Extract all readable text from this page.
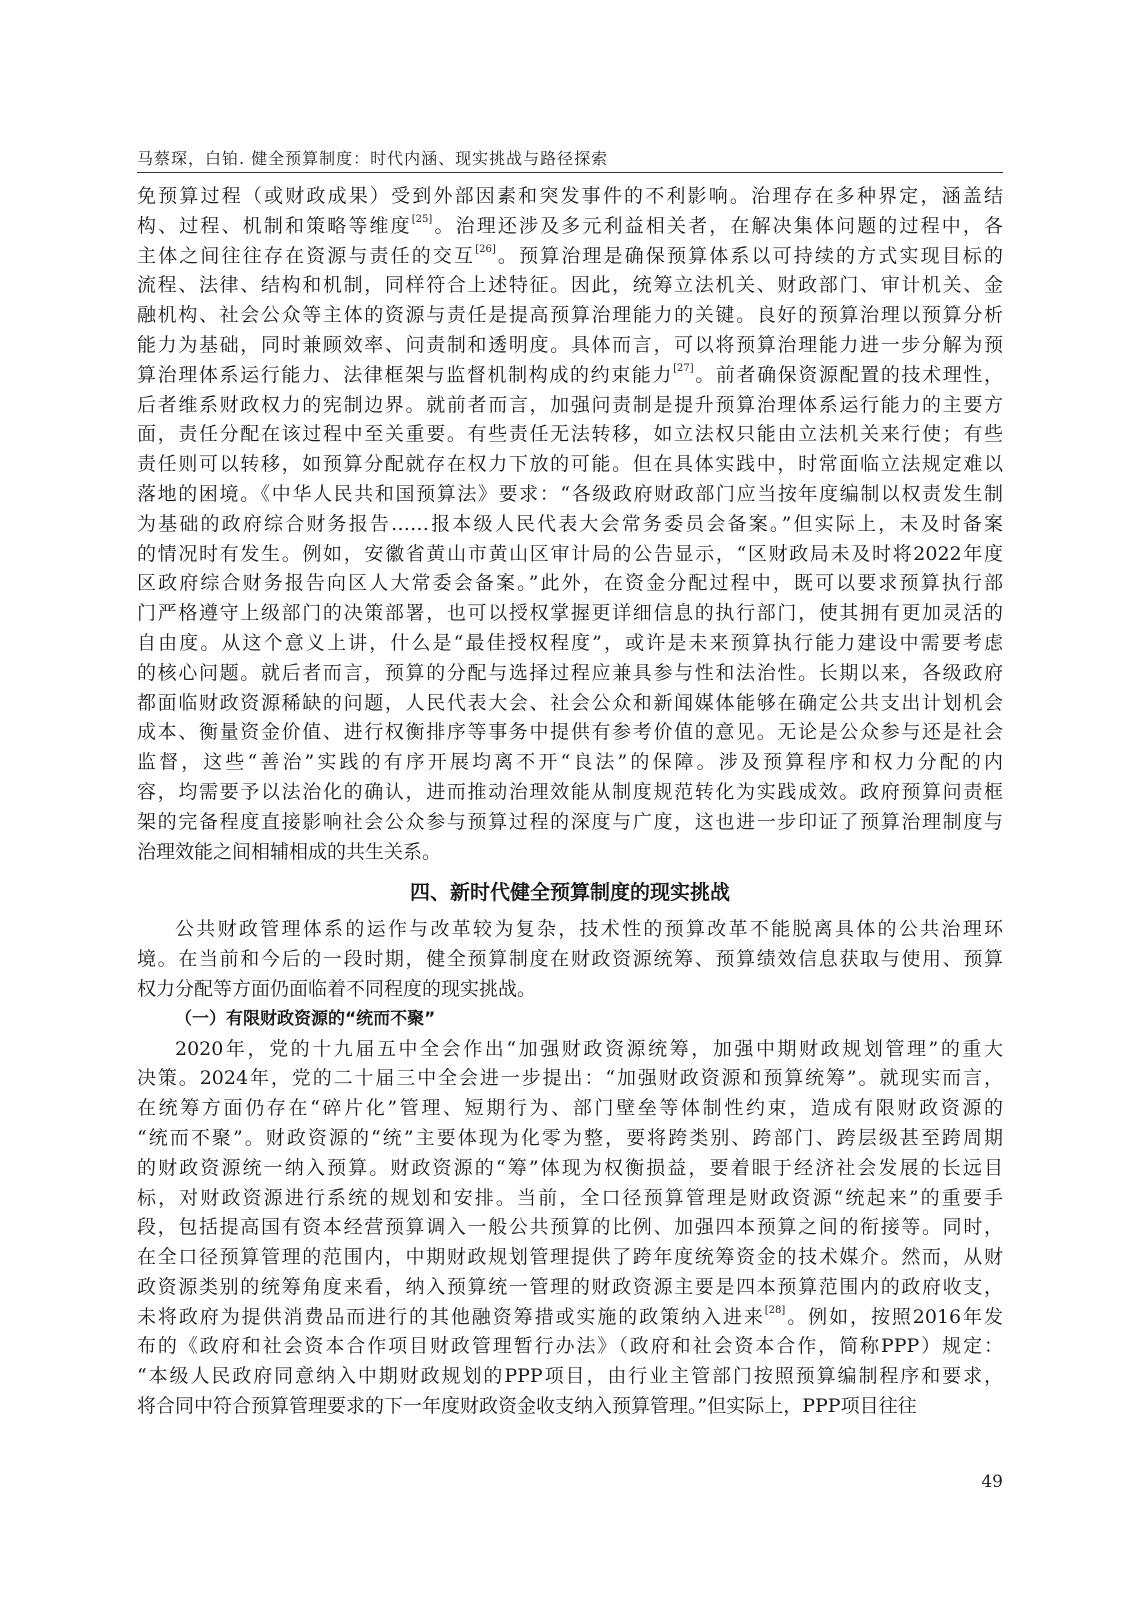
马蔡琛，白铂. 健全预算制度：时代内涵、现实挑战与路径探索
免预算过程（或财政成果）受到外部因素和突发事件的不利影响。治理存在多种界定，涵盖结
构、过程、机制和策略等维度[25]。治理还涉及多元利益相关者，在解决集体问题的过程中，各
主体之间往往存在资源与责任的交互[26]。预算治理是确保预算体系以可持续的方式实现目标的
流程、法律、结构和机制，同样符合上述特征。因此，统筹立法机关、财政部门、审计机关、金
融机构、社会公众等主体的资源与责任是提高预算治理能力的关键。良好的预算治理以预算分析
能力为基础，同时兼顾效率、问责制和透明度。具体而言，可以将预算治理能力进一步分解为预
算治理体系运行能力、法律框架与监督机制构成的约束能力[27]。前者确保资源配置的技术理性，
后者维系财政权力的宪制边界。就前者而言，加强问责制是提升预算治理体系运行能力的主要方
面，责任分配在该过程中至关重要。有些责任无法转移，如立法权只能由立法机关来行使；有些
责任则可以转移，如预算分配就存在权力下放的可能。但在具体实践中，时常面临立法规定难以
落地的困境。《中华人民共和国预算法》要求：“各级政府财政部门应当按年度编制以权责发生制
为基础的政府综合财务报告……报本级人民代表大会常务委员会备案。”但实际上，未及时备案
的情况时有发生。例如，安徽省黄山市黄山区审计局的公告显示，“区财政局未及时将2022年度
区政府综合财务报告向区人大常委会备案。”此外，在资金分配过程中，既可以要求预算执行部
门严格遵守上级部门的决策部署，也可以授权掌握更详细信息的执行部门，使其拥有更加灵活的
自由度。从这个意义上讲，什么是“最佳授权程度”，或许是未来预算执行能力建设中需要考虑
的核心问题。就后者而言，预算的分配与选择过程应兼具参与性和法治性。长期以来，各级政府
都面临财政资源稀缺的问题，人民代表大会、社会公众和新闻媒体能够在确定公共支出计划机会
成本、衡量资金价值、进行权衡排序等事务中提供有参考价值的意见。无论是公众参与还是社会
监督，这些“善治”实践的有序开展均离不开“良法”的保障。涉及预算程序和权力分配的内
容，均需要予以法治化的确认，进而推动治理效能从制度规范转化为实践成效。政府预算问责框
架的完备程度直接影响社会公众参与预算过程的深度与广度，这也进一步印证了预算治理制度与
治理效能之间相辅相成的共生关系。
四、新时代健全预算制度的现实挑战
公共财政管理体系的运作与改革较为复杂，技术性的预算改革不能脱离具体的公共治理环
境。在当前和今后的一段时期，健全预算制度在财政资源统筹、预算绩效信息获取与使用、预算
权力分配等方面仍面临着不同程度的现实挑战。
（一）有限财政资源的“统而不聚”
2020年，党的十九届五中全会作出“加强财政资源统筹，加强中期财政规划管理”的重大
决策。2024年，党的二十届三中全会进一步提出：“加强财政资源和预算统筹”。就现实而言，
在统筹方面仍存在“碎片化”管理、短期行为、部门壁垒等体制性约束，造成有限财政资源的
“统而不聚”。财政资源的“统”主要体现为化零为整，要将跨类别、跨部门、跨层级甚至跨周期
的财政资源统一纳入预算。财政资源的“筹”体现为权衡损益，要着眼于经济社会发展的长远目
标，对财政资源进行系统的规划和安排。当前，全口径预算管理是财政资源“统起来”的重要手
段，包括提高国有资本经营预算调入一般公共预算的比例、加强四本预算之间的衔接等。同时，
在全口径预算管理的范围内，中期财政规划管理提供了跨年度统筹资金的技术媒介。然而，从财
政资源类别的统筹角度来看，纳入预算统一管理的财政资源主要是四本预算范围内的政府收支，
未将政府为提供消费品而进行的其他融资筹措或实施的政策纳入进来[28]。例如，按照2016年发
布的《政府和社会资本合作项目财政管理暂行办法》（政府和社会资本合作，简称PPP）规定：
“本级人民政府同意纳入中期财政规划的PPP项目，由行业主管部门按照预算编制程序和要求，
将合同中符合预算管理要求的下一年度财政资金收支纳入预算管理。”但实际上，PPP项目往往
49
